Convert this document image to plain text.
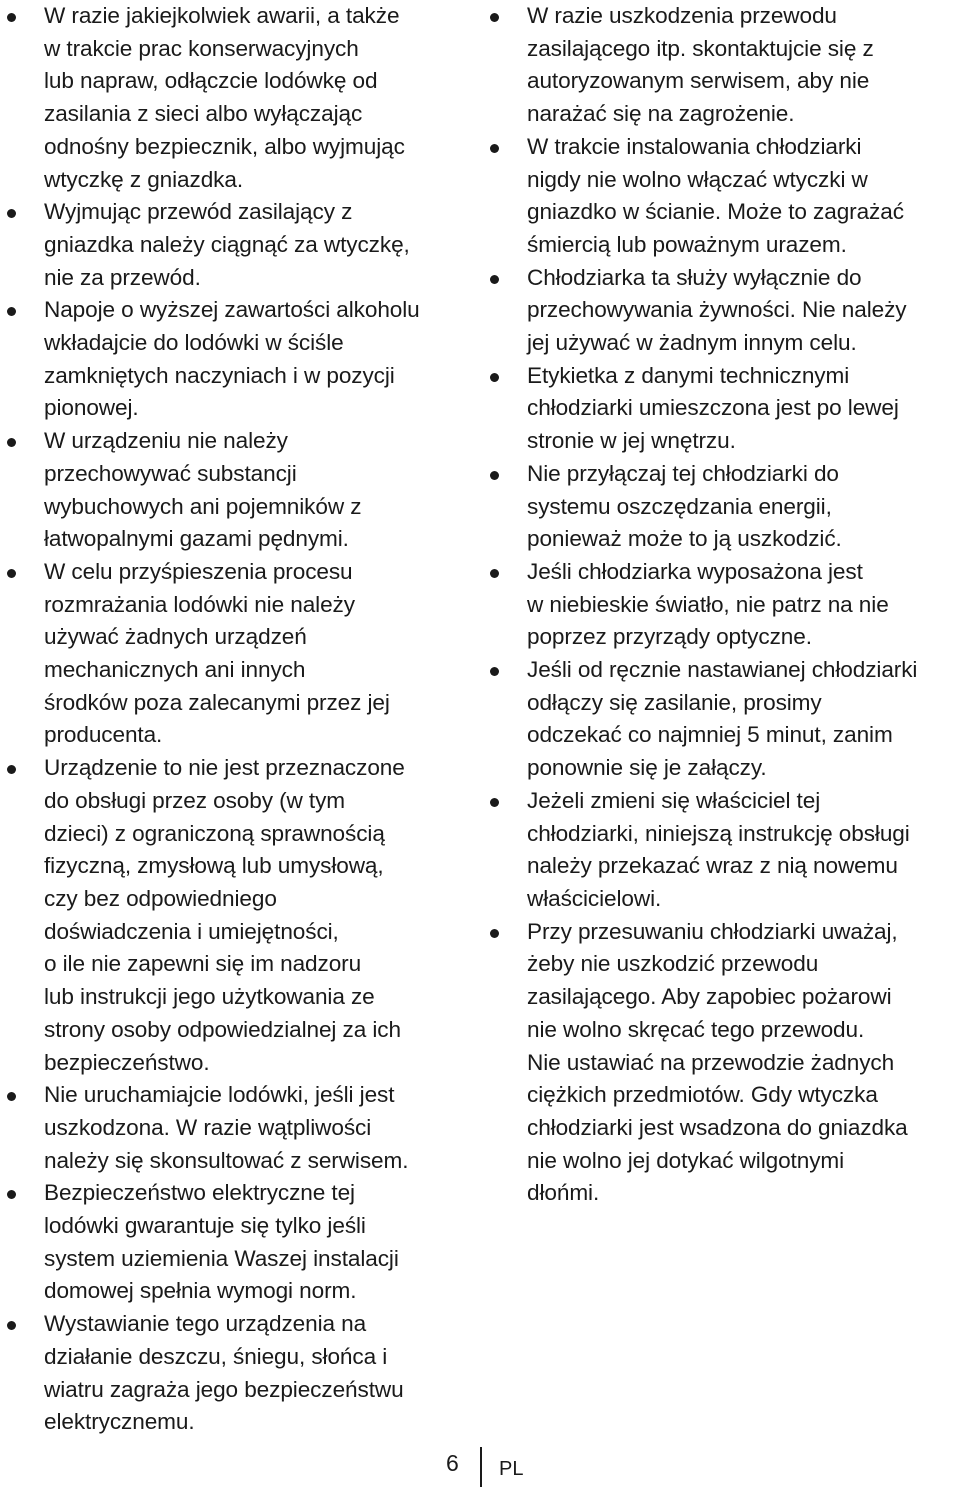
W razie jakiejkolwiek awarii, a także
w trakcie prac konserwacyjnych
lub napraw, odłączcie lodówkę od
zasilania z sieci albo wyłączając
odnośny bezpiecznik, albo wyjmując
wtyczkę z gniazdka.
Wyjmując przewód zasilający z
gniazdka należy ciągnąć za wtyczkę,
nie za przewód.
Napoje o wyższej zawartości alkoholu
wkładajcie do lodówki w ściśle
zamkniętych naczyniach i w pozycji
pionowej.
W urządzeniu nie należy
przechowywać substancji
wybuchowych ani pojemników z
łatwopalnymi gazami pędnymi.
W celu przyśpieszenia procesu
rozmrażania lodówki nie należy
używać żadnych urządzeń
mechanicznych ani innych
środków poza zalecanymi przez jej
producenta.
Urządzenie to nie jest przeznaczone
do obsługi przez osoby (w tym
dzieci) z ograniczoną sprawnością
fizyczną, zmysłową lub umysłową,
czy bez odpowiedniego
doświadczenia i umiejętności,
o ile nie zapewni się im nadzoru
lub instrukcji jego użytkowania ze
strony osoby odpowiedzialnej za ich
bezpieczeństwo.
Nie uruchamiajcie lodówki, jeśli jest
uszkodzona. W razie wątpliwości
należy się skonsultować z serwisem.
Bezpieczeństwo elektryczne tej
lodówki gwarantuje się tylko jeśli
system uziemienia Waszej instalacji
domowej spełnia wymogi norm.
Wystawianie tego urządzenia na
działanie deszczu, śniegu, słońca i
wiatru zagraża jego bezpieczeństwu
elektrycznemu.
W razie uszkodzenia przewodu
zasilającego itp. skontaktujcie się z
autoryzowanym serwisem, aby nie
narażać się na zagrożenie.
W trakcie instalowania chłodziarki
nigdy nie wolno włączać wtyczki w
gniazdko w ścianie. Może to zagrażać
śmiercią lub poważnym urazem.
Chłodziarka ta służy wyłącznie do
przechowywania żywności. Nie należy
jej używać w żadnym innym celu.
Etykietka z danymi technicznymi
chłodziarki umieszczona jest po lewej
stronie w jej wnętrzu.
Nie przyłączaj tej chłodziarki do
systemu oszczędzania energii,
ponieważ może to ją uszkodzić.
Jeśli chłodziarka wyposażona jest
w niebieskie światło, nie patrz na nie
poprzez przyrządy optyczne.
Jeśli od ręcznie nastawianej chłodziarki
odłączy się zasilanie, prosimy
odczekać co najmniej 5 minut, zanim
ponownie się je załączy.
Jeżeli zmieni się właściciel tej
chłodziarki, niniejszą instrukcję obsługi
należy przekazać wraz z nią nowemu
właścicielowi.
Przy przesuwaniu chłodziarki uważaj,
żeby nie uszkodzić przewodu
zasilającego. Aby zapobiec pożarowi
nie wolno skręcać tego przewodu.
Nie ustawiać na przewodzie żadnych
ciężkich przedmiotów. Gdy wtyczka
chłodziarki jest wsadzona do gniazdka
nie wolno jej dotykać wilgotnymi
dłońmi.
6 PL
